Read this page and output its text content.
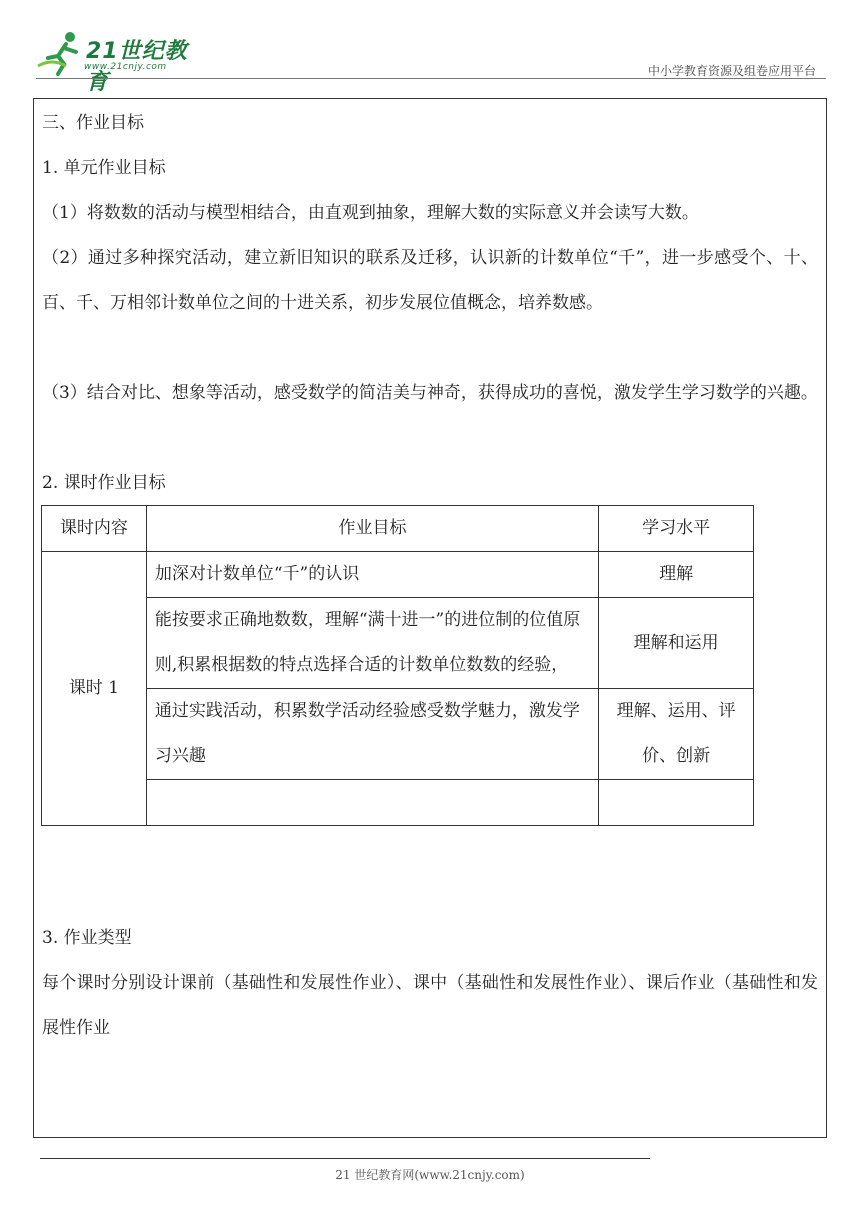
21世纪教育
www.21cnjy.com	中小学教育资源及组卷应用平台

三、作业目标

1. 单元作业目标

（1）将数数的活动与模型相结合，由直观到抽象，理解大数的实际意义并会读写大数。

（2）通过多种探究活动，建立新旧知识的联系及迁移，认识新的计数单位“千”，进一步感受个、十、百、千、万相邻计数单位之间的十进关系，初步发展位值概念，培养数感。

（3）结合对比、想象等活动，感受数学的简洁美与神奇，获得成功的喜悦，激发学生学习数学的兴趣。

2. 课时作业目标

课时内容	作业目标	学习水平
课时 1	加深对计数单位“千”的认识	理解
	能按要求正确地数数，理解“满十进一”的进位制的位值原则,积累根据数的特点选择合适的计数单位数数的经验，	理解和运用
	通过实践活动，积累数学活动经验感受数学魅力，激发学习兴趣	理解、运用、评价、创新

3. 作业类型

每个课时分别设计课前（基础性和发展性作业）、课中（基础性和发展性作业）、课后作业（基础性和发展性作业

21 世纪教育网(www.21cnjy.com)
